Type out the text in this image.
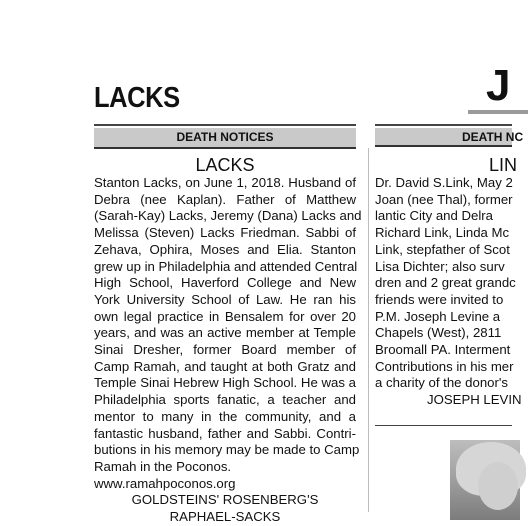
LACKS	J
DEATH NOTICES	DEATH NC
LACKS
Stanton Lacks, on June 1, 2018. Husband of
Debra (nee Kaplan). Father of Matthew
(Sarah-Kay) Lacks, Jeremy (Dana) Lacks and
Melissa (Steven) Lacks Friedman. Sabbi of
Zehava, Ophira, Moses and Elia. Stanton
grew up in Philadelphia and attended Central
High School, Haverford College and New
York University School of Law. He ran his
own legal practice in Bensalem for over 20
years, and was an active member at Temple
Sinai Dresher, former Board member of
Camp Ramah, and taught at both Gratz and
Temple Sinai Hebrew High School. He was a
Philadelphia sports fanatic, a teacher and
mentor to many in the community, and a
fantastic husband, father and Sabbi. Contri-
butions in his memory may be made to Camp
Ramah in the Poconos.
www.ramahpoconos.org
GOLDSTEINS' ROSENBERG'S
RAPHAEL-SACKS
LIN
Dr. David S.Link, May 2
Joan (nee Thal), former
lantic City and Delra
Richard Link, Linda Mc
Link, stepfather of Scot
Lisa Dichter; also surv
dren and 2 great grandc
friends were invited to
P.M. Joseph Levine a
Chapels (West), 2811
Broomall PA. Interment
Contributions in his mer
a charity of the donor's
JOSEPH LEVIN
